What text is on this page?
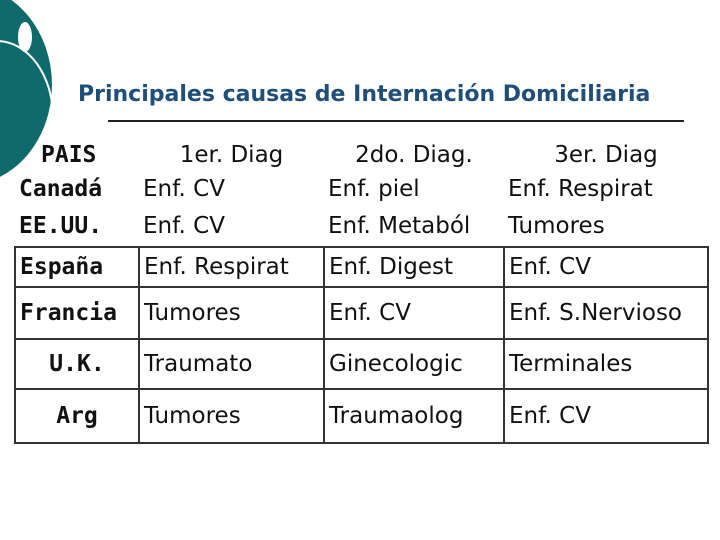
Principales causas de Internación Domiciliaria
PAIS	1er. Diag	2do. Diag.	3er. Diag
Canadá	Enf. CV	Enf. piel	Enf. Respirat
EE.UU.	Enf. CV	Enf. Metaból	Tumores
España	Enf. Respirat	Enf. Digest	Enf. CV
Francia	Tumores	Enf. CV	Enf. S.Nervioso
U.K.	Traumato	Ginecologic	Terminales
Arg	Tumores	Traumaolog	Enf. CV
